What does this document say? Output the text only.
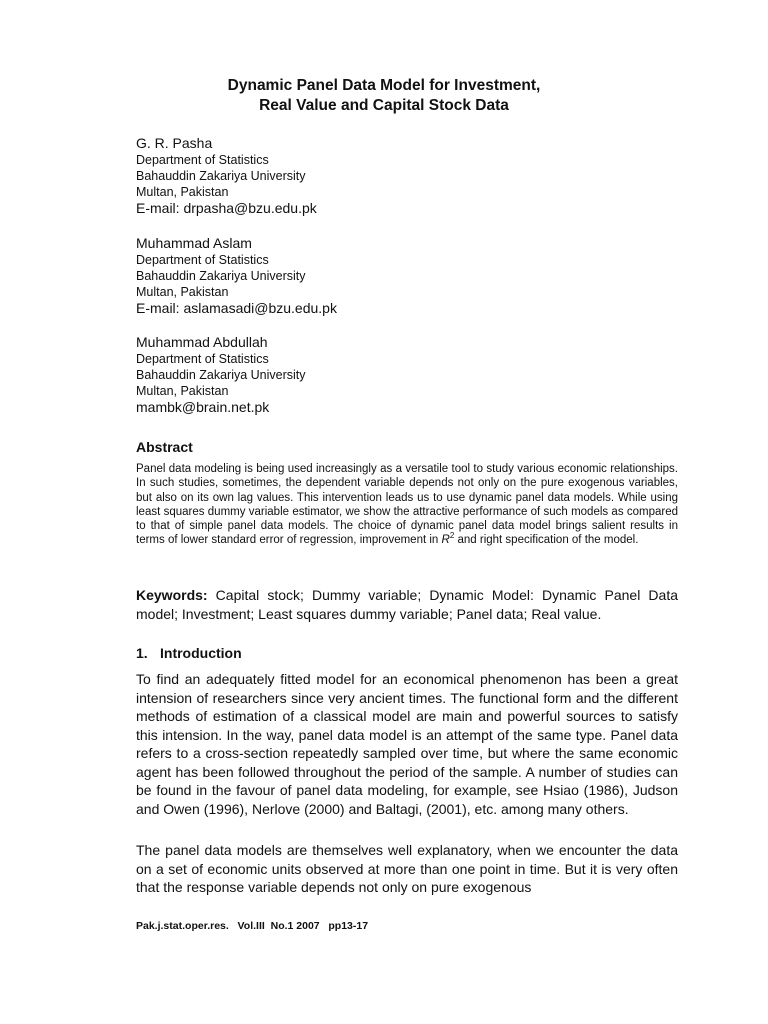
Dynamic Panel Data Model for Investment,
Real Value and Capital Stock Data
G. R. Pasha
Department of Statistics
Bahauddin Zakariya University
Multan, Pakistan
E-mail: drpasha@bzu.edu.pk
Muhammad Aslam
Department of Statistics
Bahauddin Zakariya University
Multan, Pakistan
E-mail: aslamasadi@bzu.edu.pk
Muhammad Abdullah
Department of Statistics
Bahauddin Zakariya University
Multan, Pakistan
mambk@brain.net.pk
Abstract
Panel data modeling is being used increasingly as a versatile tool to study various economic relationships. In such studies, sometimes, the dependent variable depends not only on the pure exogenous variables, but also on its own lag values. This intervention leads us to use dynamic panel data models. While using least squares dummy variable estimator, we show the attractive performance of such models as compared to that of simple panel data models. The choice of dynamic panel data model brings salient results in terms of lower standard error of regression, improvement in $R^2$ and right specification of the model.
Keywords: Capital stock; Dummy variable; Dynamic Model: Dynamic Panel Data model; Investment; Least squares dummy variable; Panel data; Real value.
1. Introduction
To find an adequately fitted model for an economical phenomenon has been a great intension of researchers since very ancient times. The functional form and the different methods of estimation of a classical model are main and powerful sources to satisfy this intension. In the way, panel data model is an attempt of the same type. Panel data refers to a cross-section repeatedly sampled over time, but where the same economic agent has been followed throughout the period of the sample. A number of studies can be found in the favour of panel data modeling, for example, see Hsiao (1986), Judson and Owen (1996), Nerlove (2000) and Baltagi, (2001), etc. among many others.
The panel data models are themselves well explanatory, when we encounter the data on a set of economic units observed at more than one point in time. But it is very often that the response variable depends not only on pure exogenous
Pak.j.stat.oper.res.   Vol.III  No.1 2007   pp13-17
